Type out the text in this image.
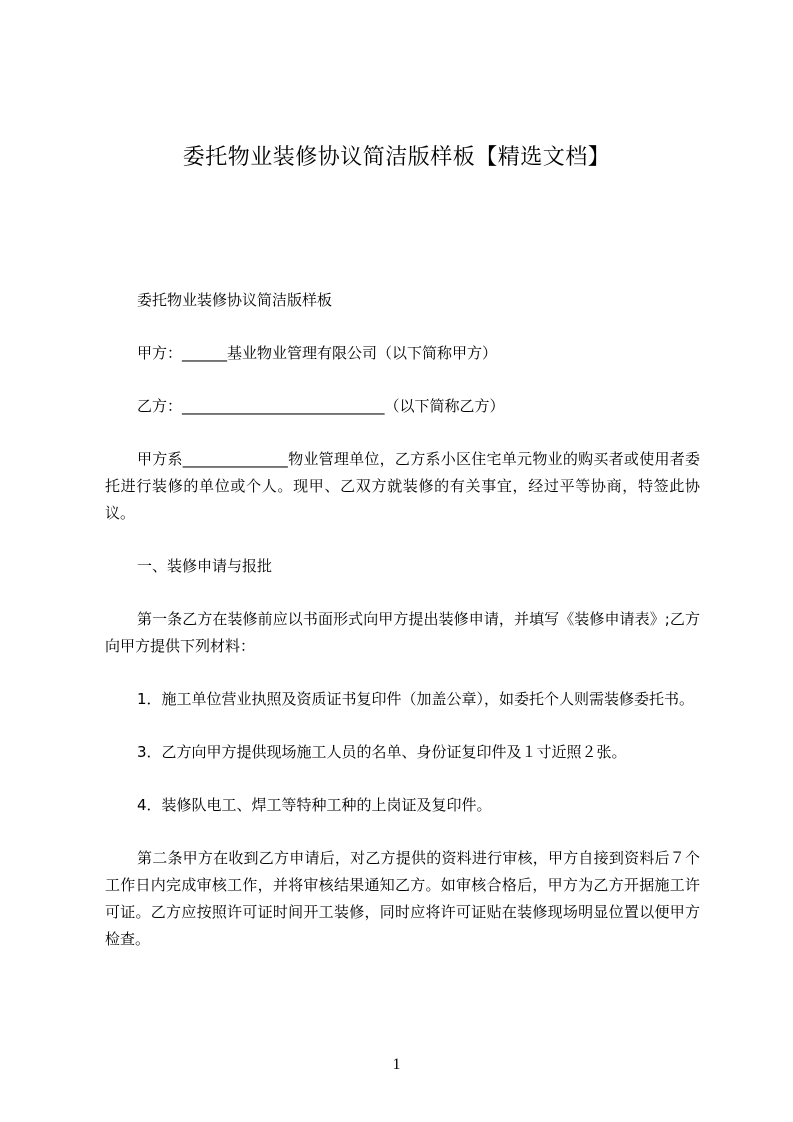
委托物业装修协议简洁版样板【精选文档】

委托物业装修协议简洁版样板

甲方：______基业物业管理有限公司（以下简称甲方）

乙方：___________________________（以下简称乙方）

甲方系______________物业管理单位，乙方系小区住宅单元物业的购买者或使用者委托进行装修的单位或个人。现甲、乙双方就装修的有关事宜，经过平等协商，特签此协议。

一、装修申请与报批

第一条乙方在装修前应以书面形式向甲方提出装修申请，并填写《装修申请表》;乙方向甲方提供下列材料：

1．施工单位营业执照及资质证书复印件（加盖公章），如委托个人则需装修委托书。

3．乙方向甲方提供现场施工人员的名单、身份证复印件及１寸近照２张。

4．装修队电工、焊工等特种工种的上岗证及复印件。

第二条甲方在收到乙方申请后，对乙方提供的资料进行审核，甲方自接到资料后７个工作日内完成审核工作，并将审核结果通知乙方。如审核合格后，甲方为乙方开据施工许可证。乙方应按照许可证时间开工装修，同时应将许可证贴在装修现场明显位置以便甲方检查。

1
